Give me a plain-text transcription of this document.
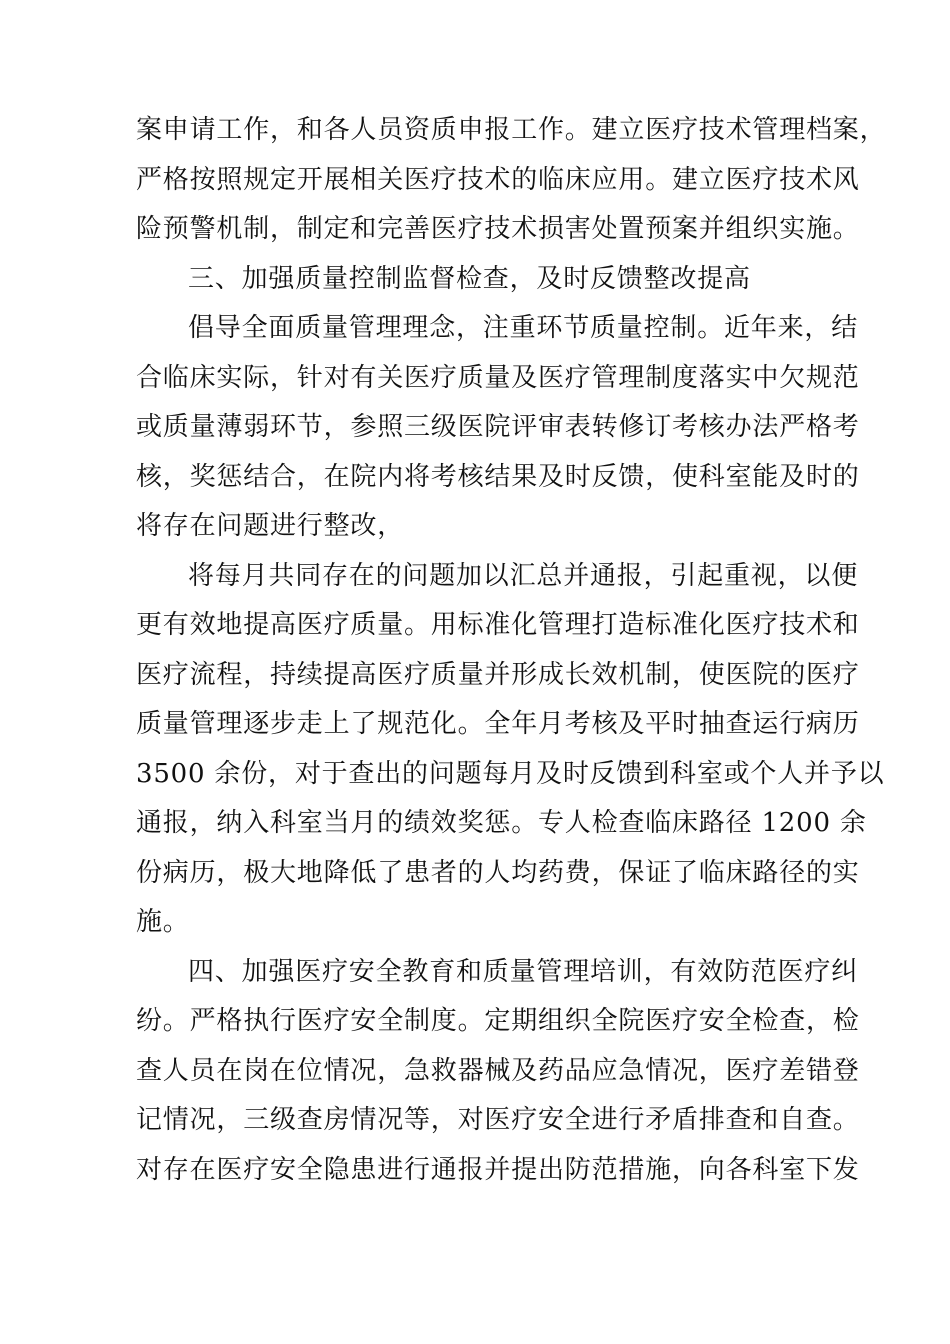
案申请工作，和各人员资质申报工作。建立医疗技术管理档案，
严格按照规定开展相关医疗技术的临床应用。建立医疗技术风
险预警机制，制定和完善医疗技术损害处置预案并组织实施。
三、加强质量控制监督检查，及时反馈整改提高
倡导全面质量管理理念，注重环节质量控制。近年来，结
合临床实际，针对有关医疗质量及医疗管理制度落实中欠规范
或质量薄弱环节，参照三级医院评审表转修订考核办法严格考
核，奖惩结合，在院内将考核结果及时反馈，使科室能及时的
将存在问题进行整改，
将每月共同存在的问题加以汇总并通报，引起重视，以便
更有效地提高医疗质量。用标准化管理打造标准化医疗技术和
医疗流程，持续提高医疗质量并形成长效机制，使医院的医疗
质量管理逐步走上了规范化。全年月考核及平时抽查运行病历
3500 余份，对于查出的问题每月及时反馈到科室或个人并予以
通报，纳入科室当月的绩效奖惩。专人检查临床路径 1200 余
份病历，极大地降低了患者的人均药费，保证了临床路径的实
施。
四、加强医疗安全教育和质量管理培训，有效防范医疗纠
纷。严格执行医疗安全制度。定期组织全院医疗安全检查，检
查人员在岗在位情况，急救器械及药品应急情况，医疗差错登
记情况，三级查房情况等，对医疗安全进行矛盾排查和自查。
对存在医疗安全隐患进行通报并提出防范措施，向各科室下发
